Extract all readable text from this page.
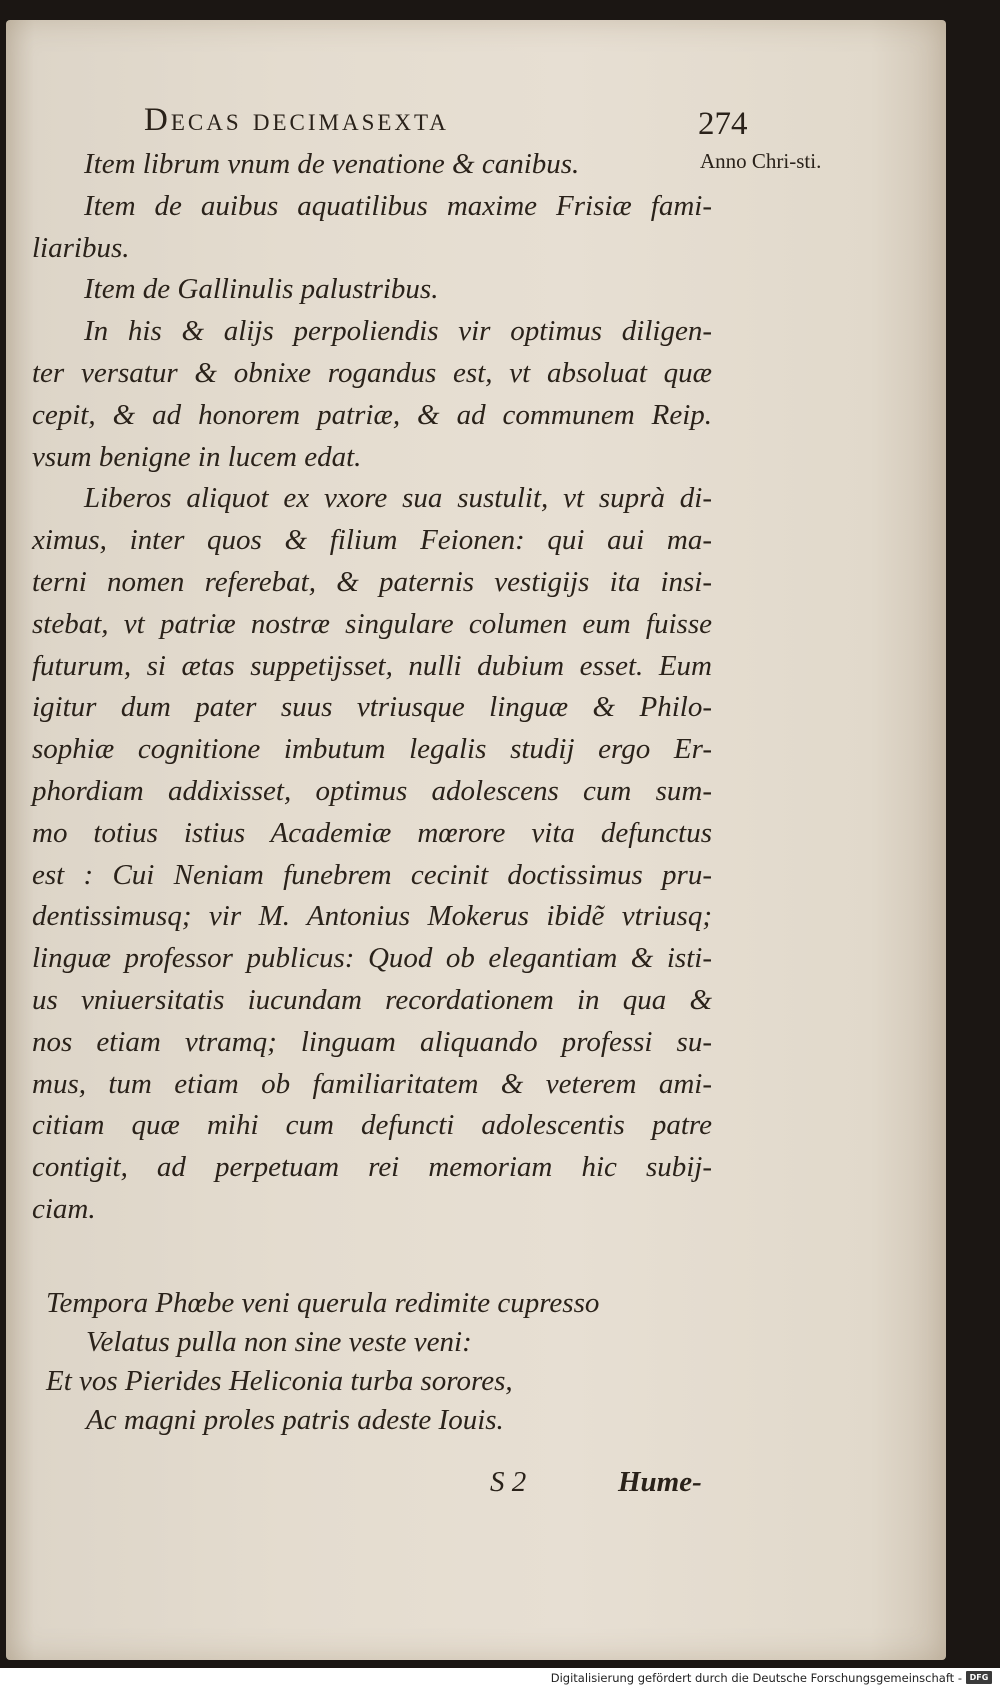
Decas decimasexta	274
Anno Chri-sti.
Item librum vnum de venatione & canibus.
Item de auibus aquatilibus maxime Frisiæ fami-
liaribus.
Item de Gallinulis palustribus.
In his & alijs perpoliendis vir optimus diligen-
ter versatur & obnixe rogandus est, vt absoluat quæ
cepit, & ad honorem patriæ, & ad communem Reip.
vsum benigne in lucem edat.
Liberos aliquot ex vxore sua sustulit, vt suprà di-
ximus, inter quos & filium Feionen: qui aui ma-
terni nomen referebat, & paternis vestigijs ita insi-
stebat, vt patriæ nostræ singulare columen eum fuisse
futurum, si ætas suppetijsset, nulli dubium esset. Eum
igitur dum pater suus vtriusque linguæ & Philo-
sophiæ cognitione imbutum legalis studij ergo Er-
phordiam addixisset, optimus adolescens cum sum-
mo totius istius Academiæ mœrore vita defunctus
est : Cui Neniam funebrem cecinit doctissimus pru-
dentissimusq; vir M. Antonius Mokerus ibidẽ vtriusq;
linguæ professor publicus: Quod ob elegantiam & isti-
us vniuersitatis iucundam recordationem in qua &
nos etiam vtramq; linguam aliquando professi su-
mus, tum etiam ob familiaritatem & veterem ami-
citiam quæ mihi cum defuncti adolescentis patre
contigit, ad perpetuam rei memoriam hic subij-
ciam.
Tempora Phœbe veni querula redimite cupresso
Velatus pulla non sine veste veni:
Et vos Pierides Heliconia turba sorores,
Ac magni proles patris adeste Iouis.
S 2	Hume-
Digitalisierung gefördert durch die Deutsche Forschungsgemeinschaft - DFG
